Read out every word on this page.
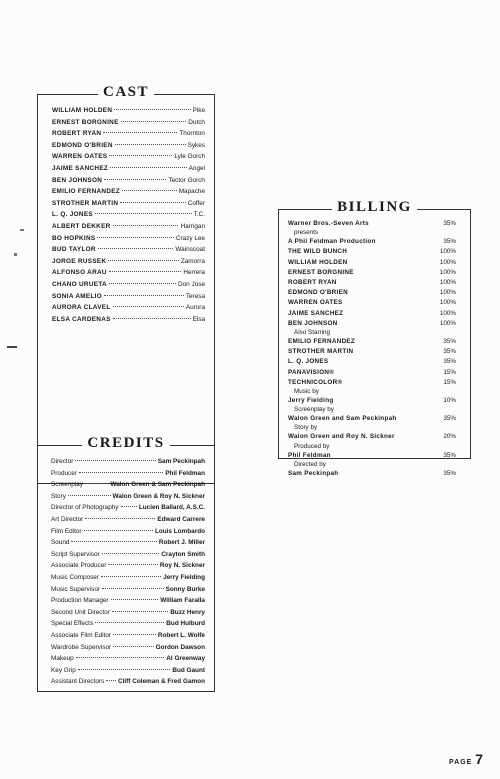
CAST
WILLIAM HOLDEN	Pike
ERNEST BORGNINE	Dutch
ROBERT RYAN	Thornton
EDMOND O'BRIEN	Sykes
WARREN OATES	Lyle Gorch
JAIME SANCHEZ	Angel
BEN JOHNSON	Tector Gorch
EMILIO FERNANDEZ	Mapache
STROTHER MARTIN	Coffer
L. Q. JONES	T.C.
ALBERT DEKKER	Harrigan
BO HOPKINS	Crazy Lee
BUD TAYLOR	Wainscoat
JORGE RUSSEK	Zamorra
ALFONSO ARAU	Herrera
CHANO URUETA	Don Jose
SONIA AMELIO	Teresa
AURORA CLAVEL	Aurora
ELSA CARDENAS	Elsa
CREDITS
Director	Sam Peckinpah
Producer	Phil Feldman
Screenplay	Walon Green & Sam Peckinpah
Story	Walon Green & Roy N. Sickner
Director of Photography	Lucien Ballard, A.S.C.
Art Director	Edward Carrere
Film Editor	Louis Lombardo
Sound	Robert J. Miller
Script Supervisor	Crayton Smith
Associate Producer	Roy N. Sickner
Music Composer	Jerry Fielding
Music Supervisor	Sonny Burke
Production Manager	William Faralla
Second Unit Director	Buzz Henry
Special Effects	Bud Hulburd
Associate Film Editor	Robert L. Wolfe
Wardrobe Supervisor	Gordon Dawson
Makeup	Al Greenway
Key Grip	Bud Gaunt
Assistant Directors Cliff Coleman & Fred Gamon
BILLING
Warner Bros.-Seven Arts	35%
presents
A Phil Feldman Production	35%
THE WILD BUNCH	100%
WILLIAM HOLDEN	100%
ERNEST BORGNINE	100%
ROBERT RYAN	100%
EDMOND O'BRIEN	100%
WARREN OATES	100%
JAIME SANCHEZ	100%
BEN JOHNSON	100%
Also Starring
EMILIO FERNANDEZ	35%
STROTHER MARTIN	35%
L. Q. JONES	35%
PANAVISION®	15%
TECHNICOLOR®	15%
Music by
Jerry Fielding	10%
Screenplay by
Walon Green and Sam Peckinpah	35%
Story by
Walon Green and Roy N. Sickner	20%
Produced by
Phil Feldman	35%
Directed by
Sam Peckinpah	35%
PAGE 7
